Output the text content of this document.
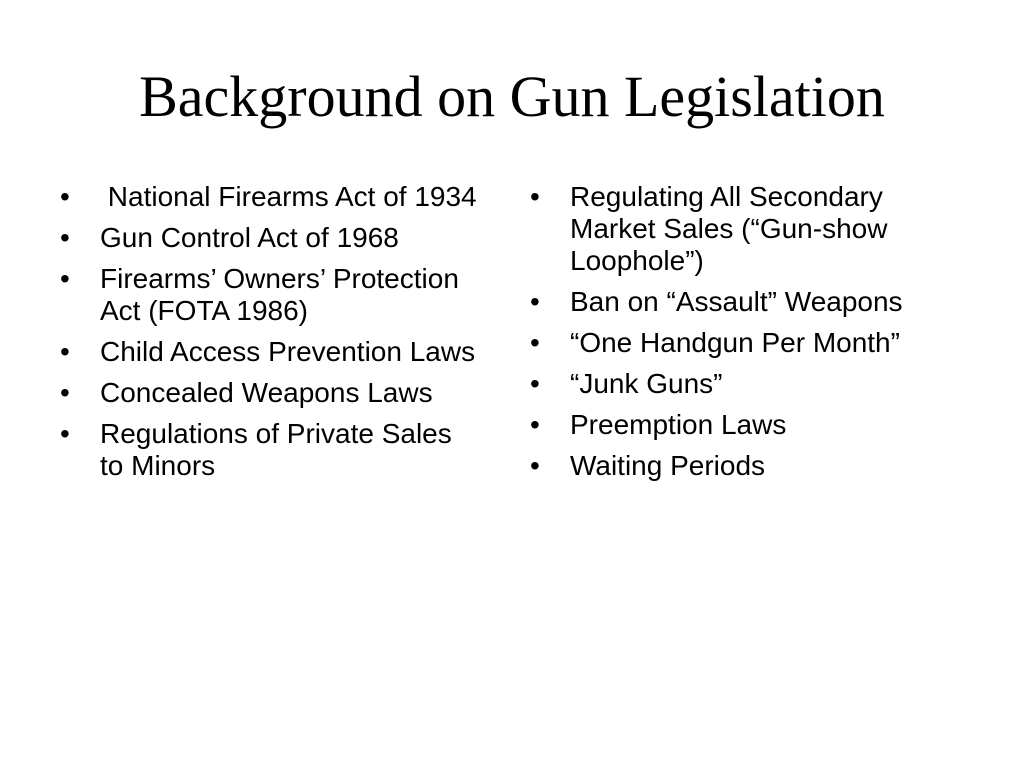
Background on Gun Legislation
•	National Firearms Act of 1934
•	Gun Control Act of 1968
•	Firearms’ Owners’ Protection Act (FOTA 1986)
•	Child Access Prevention Laws
•	Concealed Weapons Laws
•	Regulations of Private Sales to Minors
•	Regulating All Secondary Market Sales (“Gun-show Loophole”)
•	Ban on “Assault” Weapons
•	“One Handgun Per Month”
•	“Junk Guns”
•	Preemption Laws
•	Waiting Periods
